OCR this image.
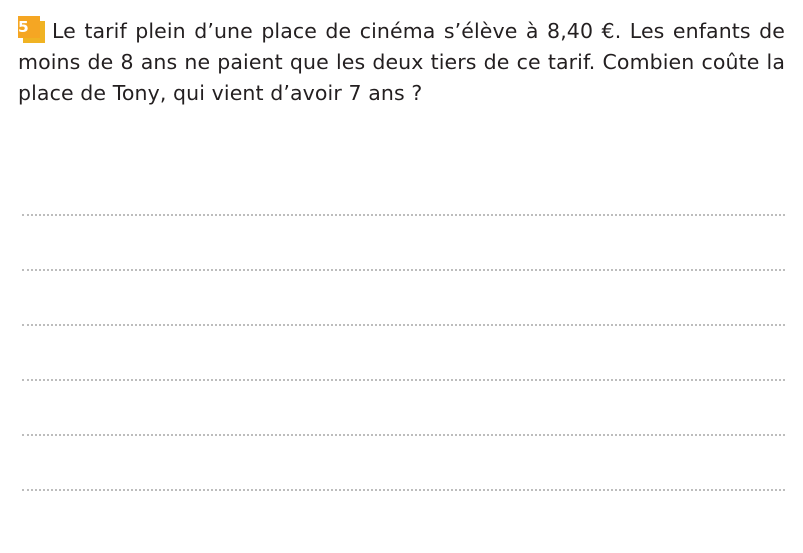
5	Le tarif plein d’une place de cinéma s’élève à 8,40 €. Les enfants de moins de 8 ans ne paient que les deux tiers de ce tarif. Combien coûte la place de Tony, qui vient d’avoir 7 ans ?
